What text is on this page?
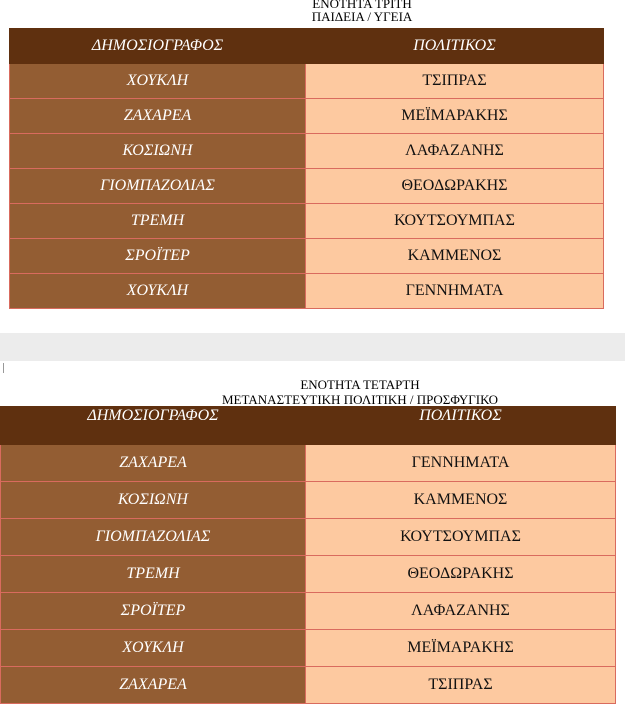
ΕΝΟΤΗΤΑ ΤΡΙΤΗ
ΠΑΙΔΕΙΑ / ΥΓΕΙΑ
ΔΗΜΟΣΙΟΓΡΑΦΟΣ	ΠΟΛΙΤΙΚΟΣ
ΧΟΥΚΛΗ	ΤΣΙΠΡΑΣ
ΖΑΧΑΡΕΑ	ΜΕΪΜΑΡΑΚΗΣ
ΚΟΣΙΩΝΗ	ΛΑΦΑΖΑΝΗΣ
ΓΙΟΜΠΑΖΟΛΙΑΣ	ΘΕΟΔΩΡΑΚΗΣ
ΤΡΕΜΗ	ΚΟΥΤΣΟΥΜΠΑΣ
ΣΡΟΪΤΕΡ	ΚΑΜΜΕΝΟΣ
ΧΟΥΚΛΗ	ΓΕΝΝΗΜΑΤΑ
ΕΝΟΤΗΤΑ ΤΕΤΑΡΤΗ
ΜΕΤΑΝΑΣΤΕΥΤΙΚΗ ΠΟΛΙΤΙΚΗ / ΠΡΟΣΦΥΓΙΚΟ
ΔΗΜΟΣΙΟΓΡΑΦΟΣ	ΠΟΛΙΤΙΚΟΣ
ΖΑΧΑΡΕΑ	ΓΕΝΝΗΜΑΤΑ
ΚΟΣΙΩΝΗ	ΚΑΜΜΕΝΟΣ
ΓΙΟΜΠΑΖΟΛΙΑΣ	ΚΟΥΤΣΟΥΜΠΑΣ
ΤΡΕΜΗ	ΘΕΟΔΩΡΑΚΗΣ
ΣΡΟΪΤΕΡ	ΛΑΦΑΖΑΝΗΣ
ΧΟΥΚΛΗ	ΜΕΪΜΑΡΑΚΗΣ
ΖΑΧΑΡΕΑ	ΤΣΙΠΡΑΣ
